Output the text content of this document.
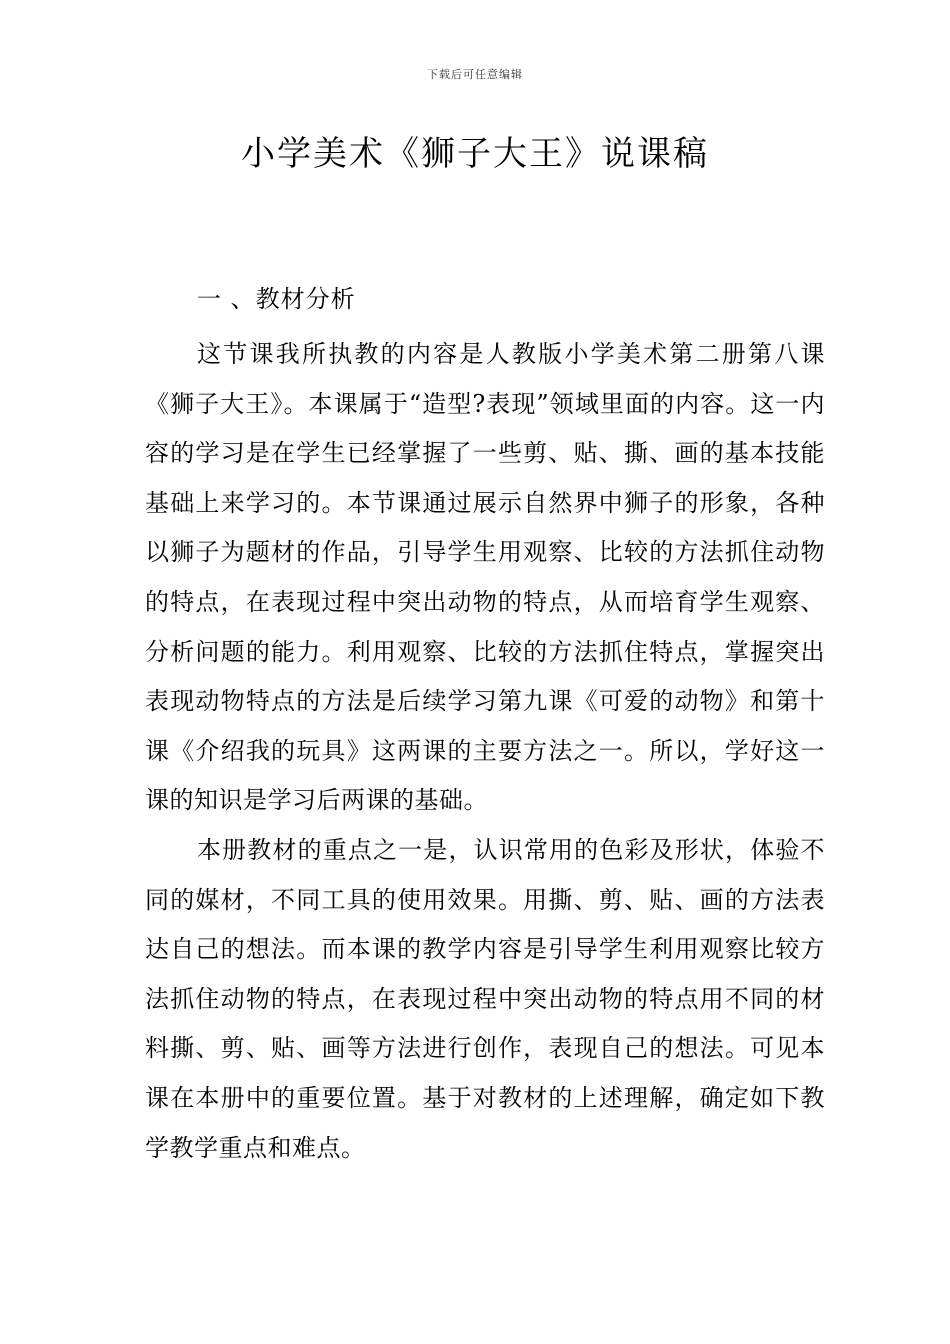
下载后可任意编辑
小学美术《狮子大王》说课稿
一 、教材分析

这节课我所执教的内容是人教版小学美术第二册第八课《狮子大王》。本课属于“造型?表现”领域里面的内容。这一内容的学习是在学生已经掌握了一些剪、贴、撕、画的基本技能基础上来学习的。本节课通过展示自然界中狮子的形象，各种以狮子为题材的作品，引导学生用观察、比较的方法抓住动物的特点，在表现过程中突出动物的特点，从而培育学生观察、分析问题的能力。利用观察、比较的方法抓住特点，掌握突出表现动物特点的方法是后续学习第九课《可爱的动物》和第十课《介绍我的玩具》这两课的主要方法之一。所以，学好这一课的知识是学习后两课的基础。

本册教材的重点之一是，认识常用的色彩及形状，体验不同的媒材，不同工具的使用效果。用撕、剪、贴、画的方法表达自己的想法。而本课的教学内容是引导学生利用观察比较方法抓住动物的特点，在表现过程中突出动物的特点用不同的材料撕、剪、贴、画等方法进行创作，表现自己的想法。可见本课在本册中的重要位置。基于对教材的上述理解，确定如下教学教学重点和难点。
